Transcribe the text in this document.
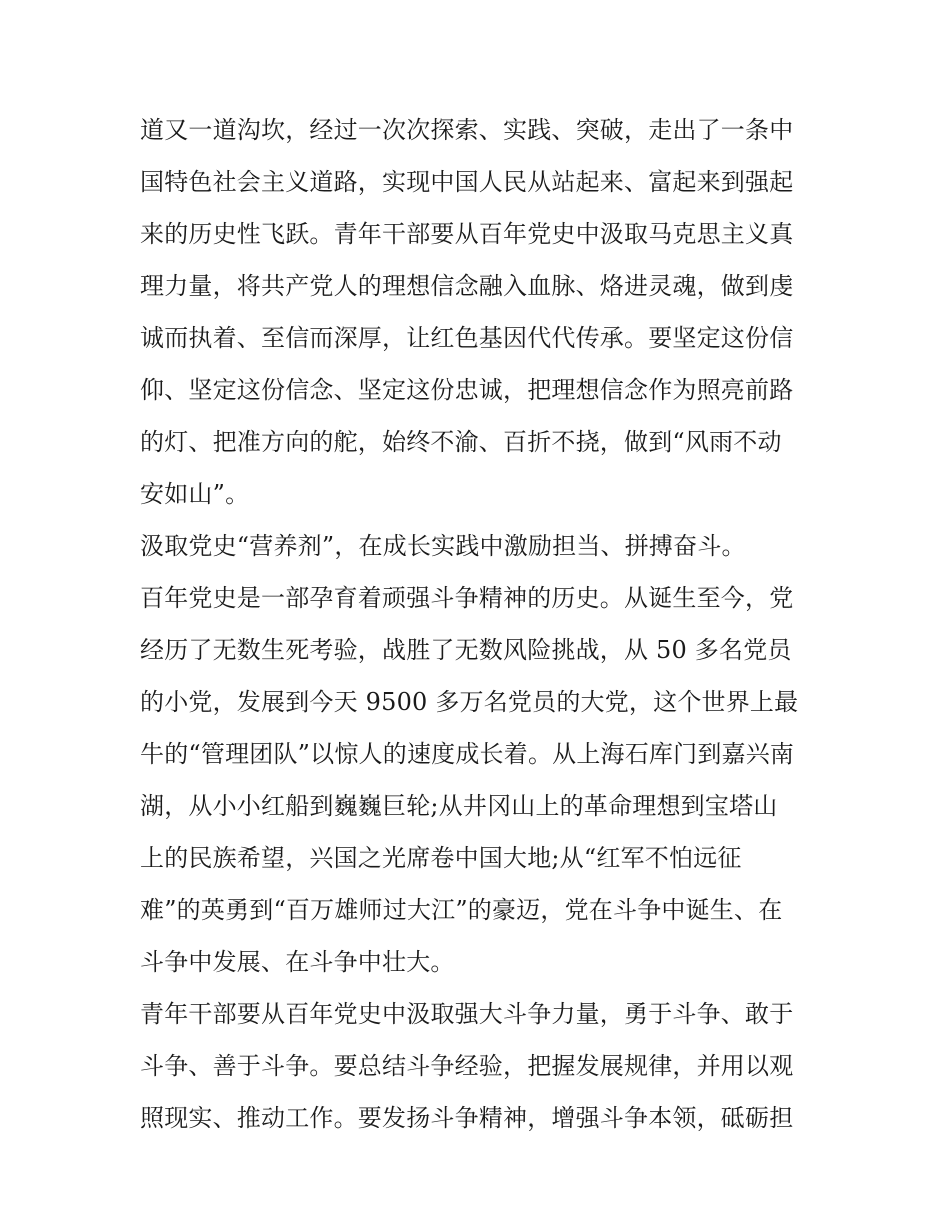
道又一道沟坎，经过一次次探索、实践、突破，走出了一条中
国特色社会主义道路，实现中国人民从站起来、富起来到强起
来的历史性飞跃。青年干部要从百年党史中汲取马克思主义真
理力量，将共产党人的理想信念融入血脉、烙进灵魂，做到虔
诚而执着、至信而深厚，让红色基因代代传承。要坚定这份信
仰、坚定这份信念、坚定这份忠诚，把理想信念作为照亮前路
的灯、把准方向的舵，始终不渝、百折不挠，做到“风雨不动
安如山”。
汲取党史“营养剂”，在成长实践中激励担当、拼搏奋斗。
百年党史是一部孕育着顽强斗争精神的历史。从诞生至今，党
经历了无数生死考验，战胜了无数风险挑战，从 50 多名党员
的小党，发展到今天 9500 多万名党员的大党，这个世界上最
牛的“管理团队”以惊人的速度成长着。从上海石库门到嘉兴南
湖，从小小红船到巍巍巨轮;从井冈山上的革命理想到宝塔山
上的民族希望，兴国之光席卷中国大地;从“红军不怕远征
难”的英勇到“百万雄师过大江”的豪迈，党在斗争中诞生、在
斗争中发展、在斗争中壮大。
青年干部要从百年党史中汲取强大斗争力量，勇于斗争、敢于
斗争、善于斗争。要总结斗争经验，把握发展规律，并用以观
照现实、推动工作。要发扬斗争精神，增强斗争本领，砥砺担
